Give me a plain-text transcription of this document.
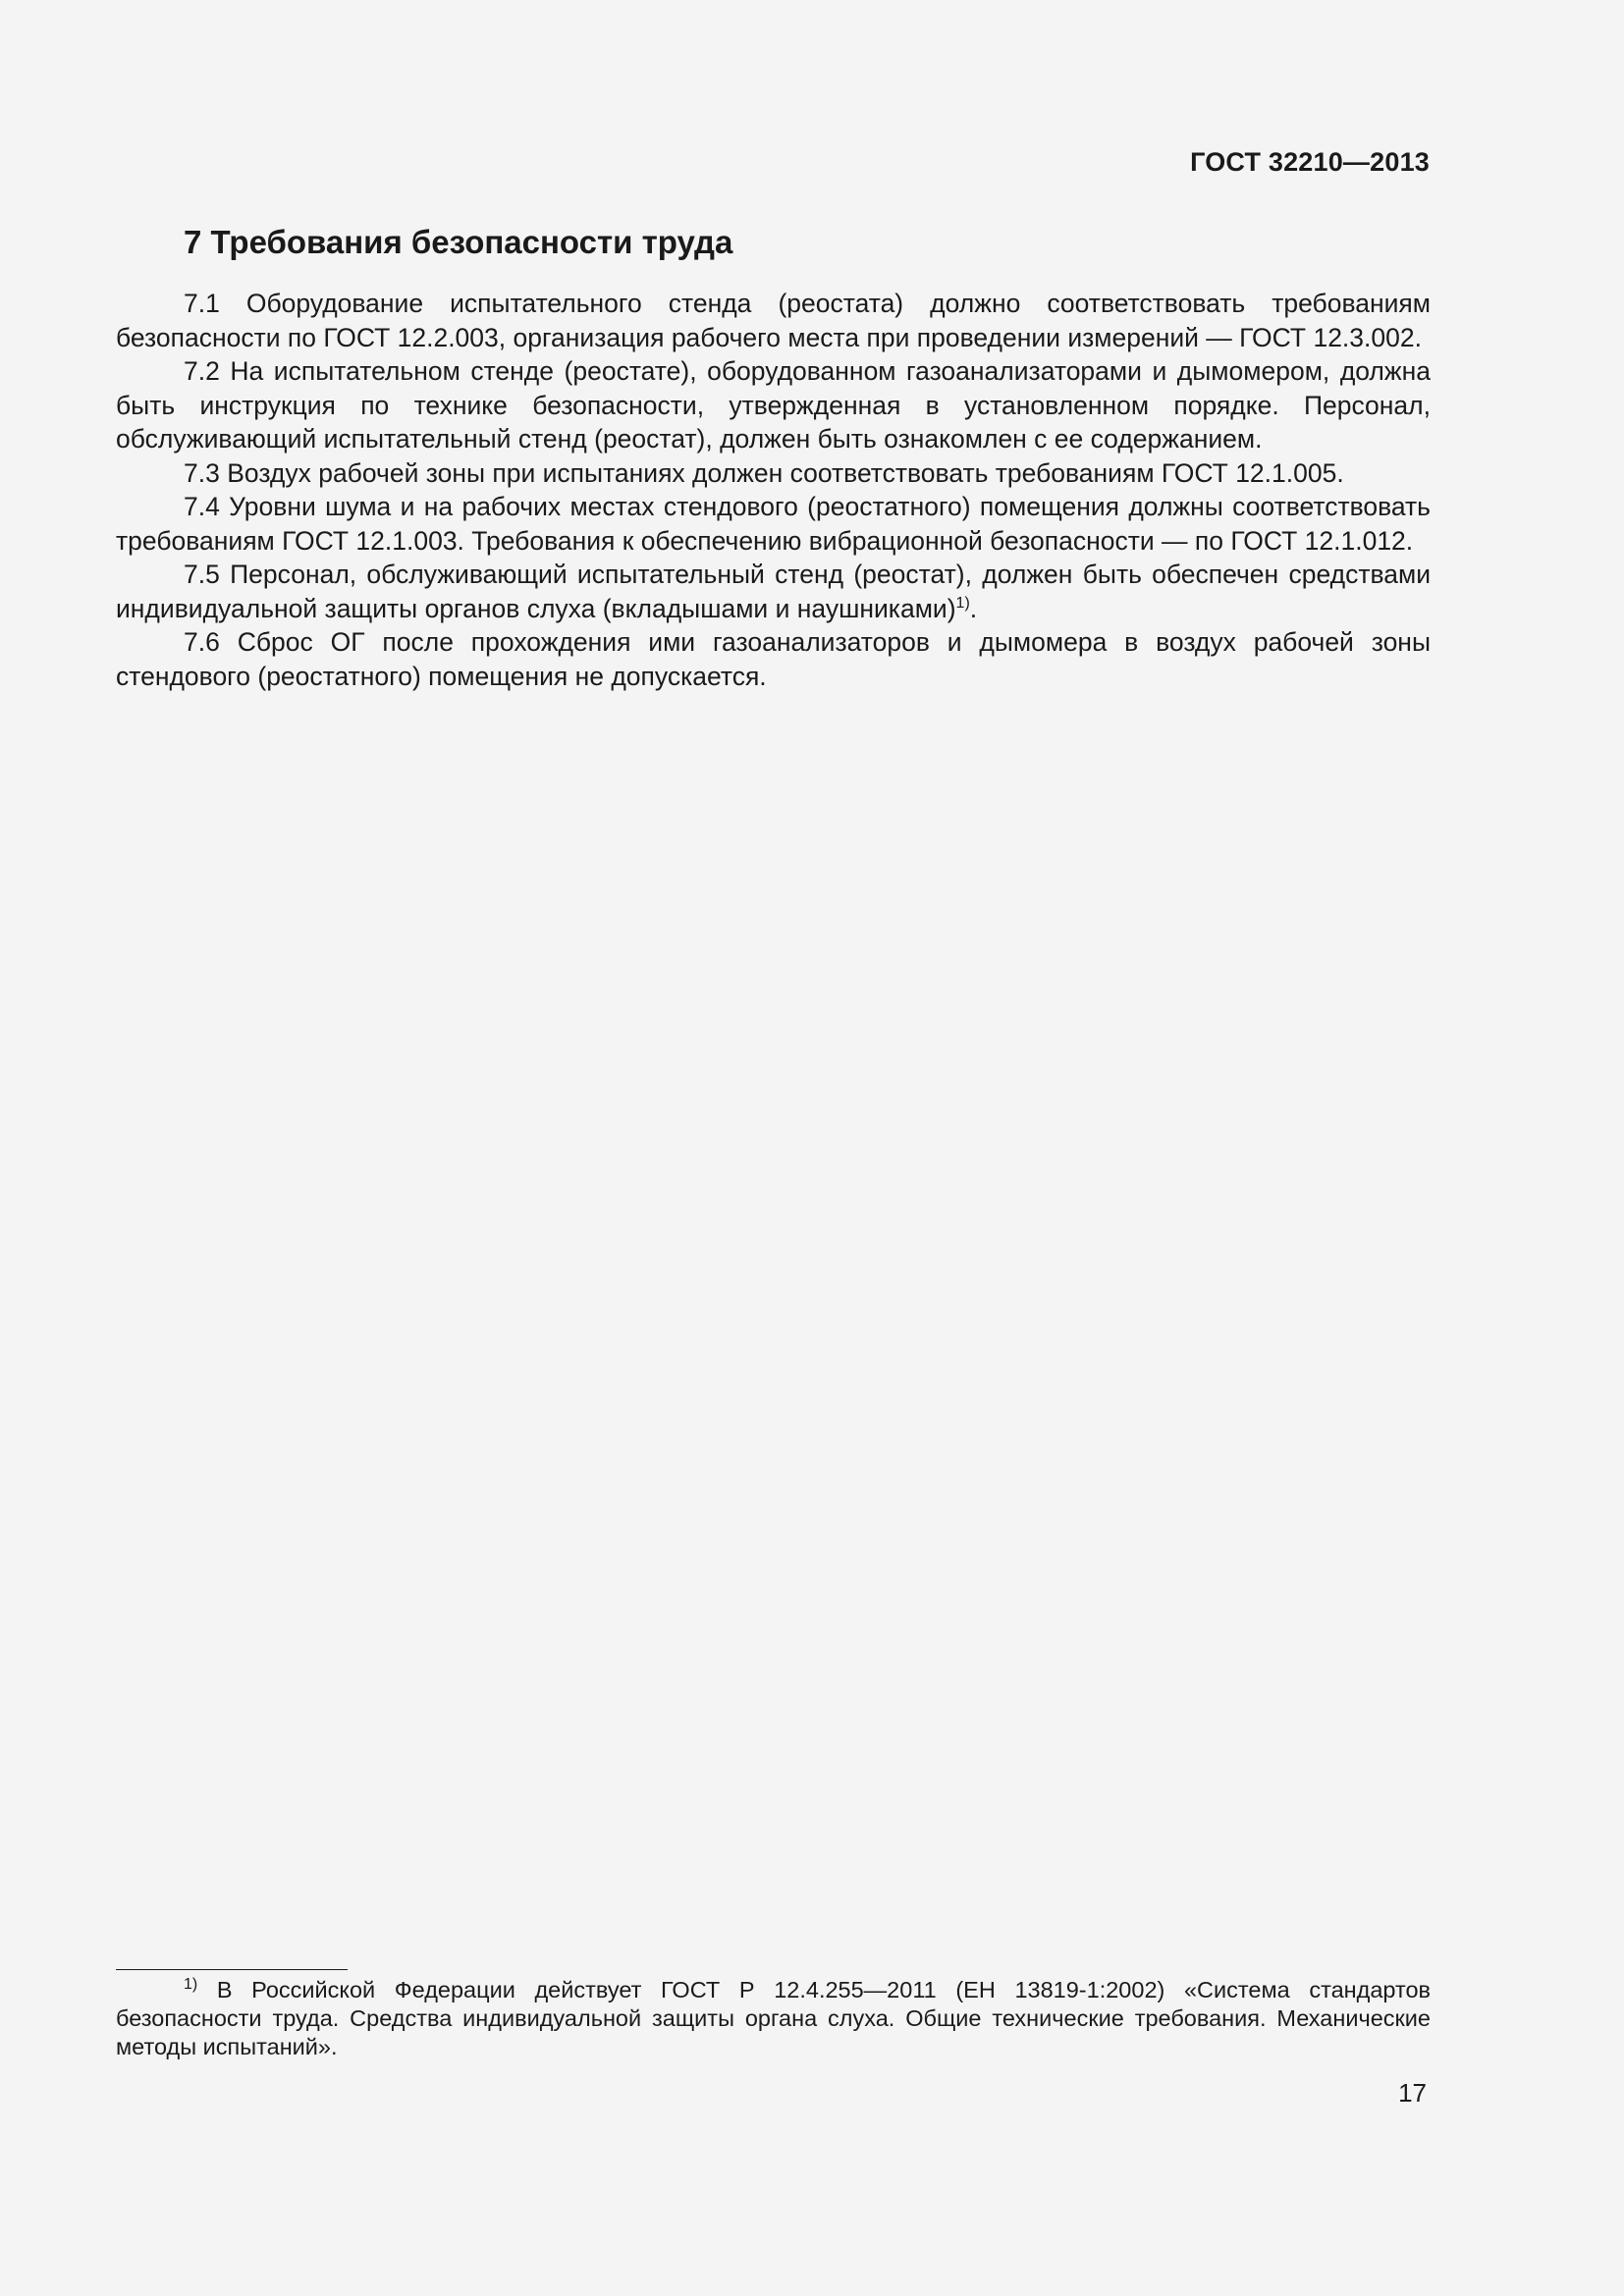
ГОСТ 32210—2013
7 Требования безопасности труда

7.1 Оборудование испытательного стенда (реостата) должно соответствовать требованиям безопасности по ГОСТ 12.2.003, организация рабочего места при проведении измерений — ГОСТ 12.3.002.

7.2 На испытательном стенде (реостате), оборудованном газоанализаторами и дымомером, должна быть инструкция по технике безопасности, утвержденная в установленном порядке. Персонал, обслуживающий испытательный стенд (реостат), должен быть ознакомлен с ее содержанием.

7.3 Воздух рабочей зоны при испытаниях должен соответствовать требованиям ГОСТ 12.1.005.

7.4 Уровни шума и на рабочих местах стендового (реостатного) помещения должны соответствовать требованиям ГОСТ 12.1.003. Требования к обеспечению вибрационной безопасности — по ГОСТ 12.1.012.

7.5 Персонал, обслуживающий испытательный стенд (реостат), должен быть обеспечен средствами индивидуальной защиты органов слуха (вкладышами и наушниками)$^{1)}$.

7.6 Сброс ОГ после прохождения ими газоанализаторов и дымомера в воздух рабочей зоны стендового (реостатного) помещения не допускается.

$^{1)}$ В Российской Федерации действует ГОСТ Р 12.4.255—2011 (ЕН 13819-1:2002) «Система стандартов безопасности труда. Средства индивидуальной защиты органа слуха. Общие технические требования. Механические методы испытаний».

17
